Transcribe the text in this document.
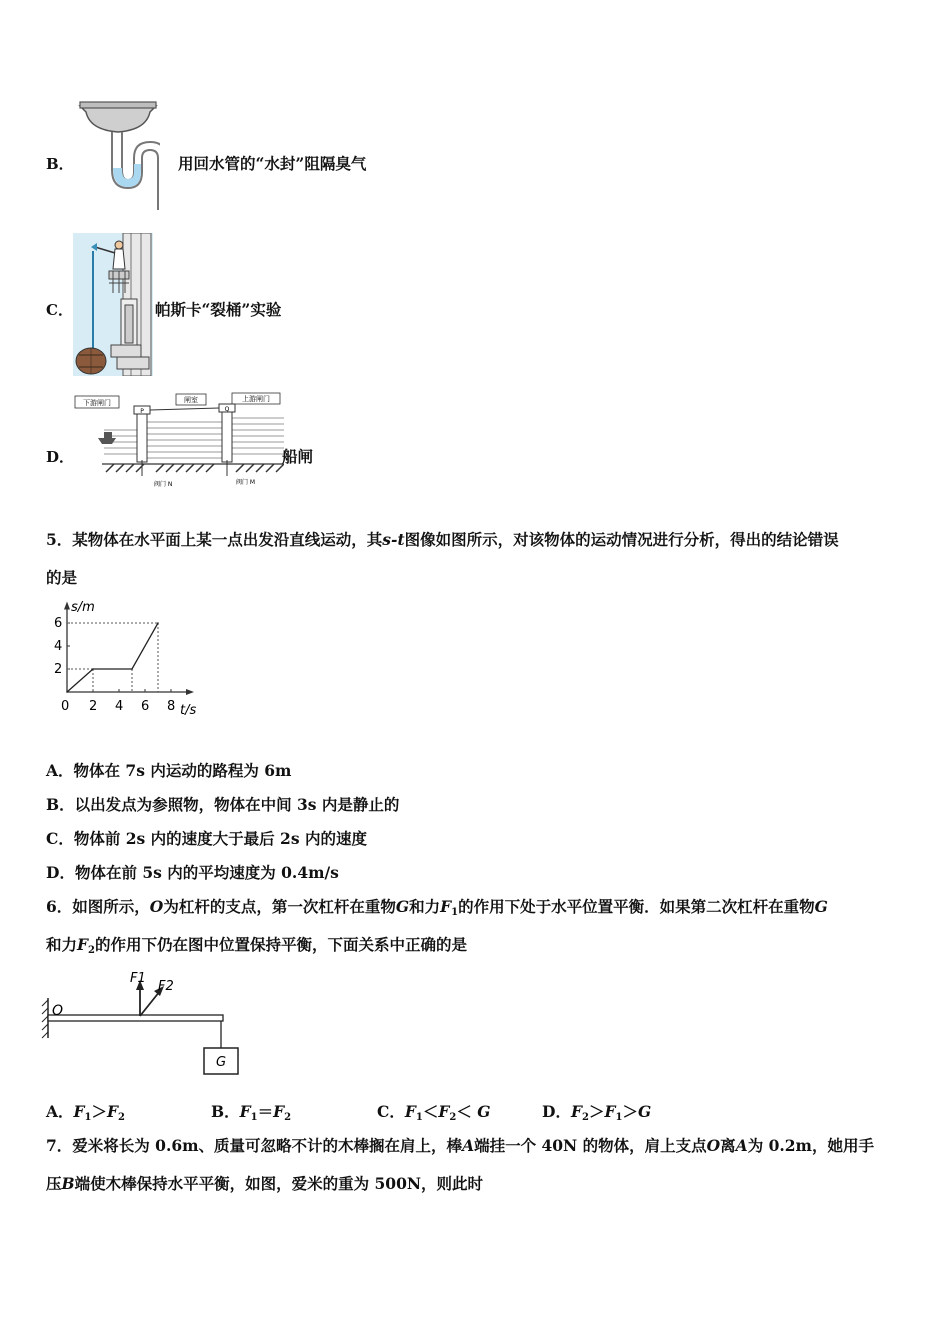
B．	用回水管的“水封”阻隔臭气
C．	帕斯卡“裂桶”实验
下游闸门	闸室	上游闸门
P	Q
阀门 N	阀门 M
D．	船闸
5．某物体在水平面上某一点出发沿直线运动，其s-t图像如图所示，对该物体的运动情况进行分析，得出的结论错误
的是
s/m
t/s
0 2 4 6 8
2
4
6
A．物体在 7s 内运动的路程为 6m
B．以出发点为参照物，物体在中间 3s 内是静止的
C．物体前 2s 内的速度大于最后 2s 内的速度
D．物体在前 5s 内的平均速度为 0.4m/s
6．如图所示，O为杠杆的支点，第一次杠杆在重物G和力$F_1$的作用下处于水平位置平衡．如果第二次杠杆在重物G
和力$F_2$的作用下仍在图中位置保持平衡，下面关系中正确的是
O
F1
F2
G
A．$F_1>F_2$	B．$F_1=F_2$	C．$F_1<F_2< G$	D．$F_2>F_1>G$
7．爱米将长为 0.6m、质量可忽略不计的木棒搁在肩上，棒A端挂一个 40N 的物体，肩上支点O离A为 0.2m，她用手
压B端使木棒保持水平平衡，如图，爱米的重为 500N，则此时
